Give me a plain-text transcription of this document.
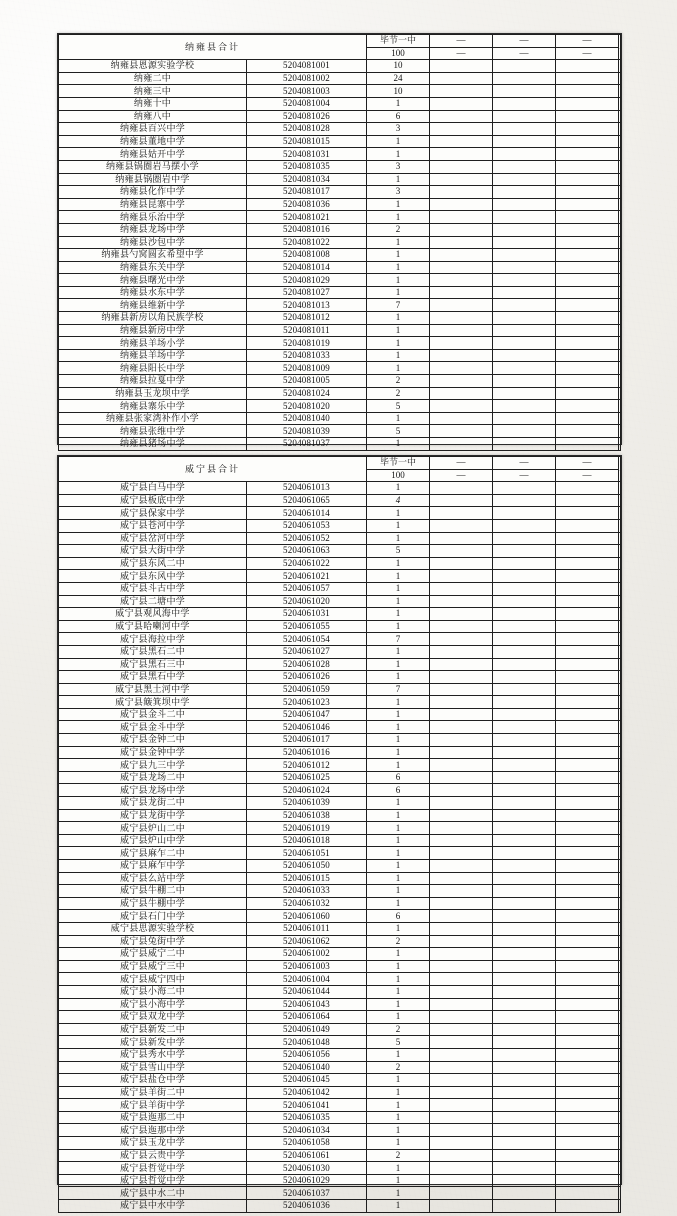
纳雍县合计		毕节一中	—	—	—	
		100	—	—	—	
纳雍县恩源实验学校	5204081001	10				
纳雍二中	5204081002	24				
纳雍三中	5204081003	10				
纳雍十中	5204081004	1				
纳雍八中	5204081026	6				
纳雍县百兴中学	5204081028	3				
纳雍县董地中学	5204081015	1				
纳雍县姑开中学	5204081031	1				
纳雍县锅圈岩马摆小学	5204081035	3				
纳雍县锅圈岩中学	5204081034	1				
纳雍县化作中学	5204081017	3				
纳雍县昆寨中学	5204081036	1				
纳雍县乐治中学	5204081021	1				
纳雍县龙场中学	5204081016	2				
纳雍县沙包中学	5204081022	1				
纳雍县勺窝圆玄希望中学	5204081008	1				
纳雍县东关中学	5204081014	1				
纳雍县曙光中学	5204081029	1				
纳雍县水东中学	5204081027	1				
纳雍县维新中学	5204081013	7				
纳雍县新房以角民族学校	5204081012	1				
纳雍县新房中学	5204081011	1				
纳雍县羊场小学	5204081019	1				
纳雍县羊场中学	5204081033	1				
纳雍县阳长中学	5204081009	1				
纳雍县拉戛中学	5204081005	2				
纳雍县玉龙坝中学	5204081024	2				
纳雍县寨乐中学	5204081020	5				
纳雍县张家湾补作小学	5204081040	1				
纳雍县张维中学	5204081039	5				
纳雍县猪场中学	5204081037	1				
威宁县合计		毕节一中	—	—	—	
		100	—	—	—	
威宁县白马中学	5204061013	1				
威宁县板底中学	5204061065	4				
威宁县保家中学	5204061014	1				
威宁县苍河中学	5204061053	1				
威宁县岔河中学	5204061052	1				
威宁县大街中学	5204061063	5				
威宁县东风二中	5204061022	1				
威宁县东风中学	5204061021	1				
威宁县斗古中学	5204061057	1				
威宁县二塘中学	5204061020	1				
威宁县观风海中学	5204061031	1				
威宁县哈喇河中学	5204061055	1				
威宁县海拉中学	5204061054	7				
威宁县黑石二中	5204061027	1				
威宁县黑石三中	5204061028	1				
威宁县黑石中学	5204061026	1				
威宁县黑土河中学	5204061059	7				
威宁县簸箕坝中学	5204061023	1				
威宁县金斗二中	5204061047	1				
威宁县金斗中学	5204061046	1				
威宁县金钟二中	5204061017	1				
威宁县金钟中学	5204061016	1				
威宁县九三中学	5204061012	1				
威宁县龙场二中	5204061025	6				
威宁县龙场中学	5204061024	6				
威宁县龙街二中	5204061039	1				
威宁县龙街中学	5204061038	1				
威宁县炉山二中	5204061019	1				
威宁县炉山中学	5204061018	1				
威宁县麻乍二中	5204061051	1				
威宁县麻乍中学	5204061050	1				
威宁县么站中学	5204061015	1				
威宁县牛棚二中	5204061033	1				
威宁县牛棚中学	5204061032	1				
威宁县石门中学	5204061060	6				
威宁县思源实验学校	5204061011	1				
威宁县兔街中学	5204061062	2				
威宁县威宁二中	5204061002	1				
威宁县威宁三中	5204061003	1				
威宁县威宁四中	5204061004	1				
威宁县小海二中	5204061044	1				
威宁县小海中学	5204061043	1				
威宁县双龙中学	5204061064	1				
威宁县新发二中	5204061049	2				
威宁县新发中学	5204061048	5				
威宁县秀水中学	5204061056	1				
威宁县雪山中学	5204061040	2				
威宁县盐仓中学	5204061045	1				
威宁县羊街二中	5204061042	1				
威宁县羊街中学	5204061041	1				
威宁县迤那二中	5204061035	1				
威宁县迤那中学	5204061034	1				
威宁县玉龙中学	5204061058	1				
威宁县云贵中学	5204061061	2				
威宁县哲觉中学	5204061030	1				
威宁县哲觉中学	5204061029	1				
威宁县中水二中	5204061037	1				
威宁县中水中学	5204061036	1				
